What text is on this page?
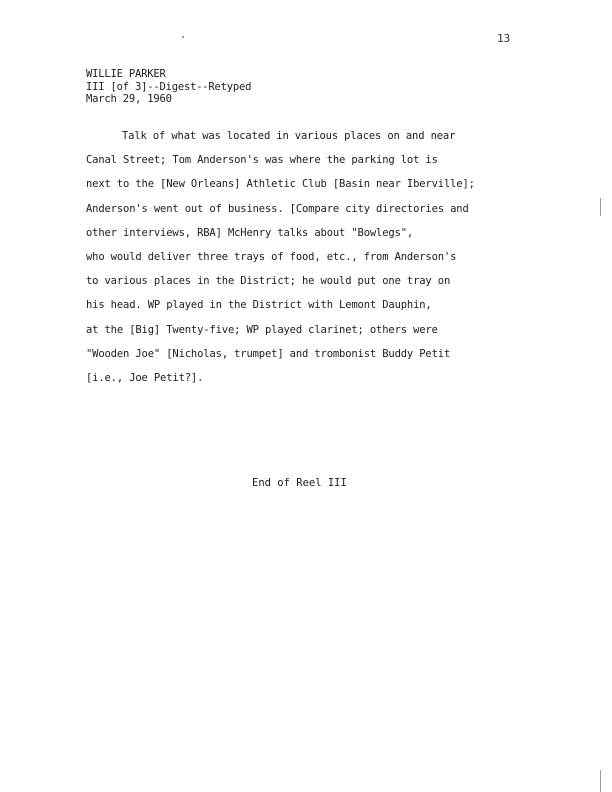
13
WILLIE PARKER
III [of 3]--Digest--Retyped
March 29, 1960
Talk of what was located in various places on and near
Canal Street; Tom Anderson's was where the parking lot is
next to the [New Orleans] Athletic Club [Basin near Iberville];
Anderson's went out of business. [Compare city directories and
other interviews, RBA] McHenry talks about "Bowlegs",
who would deliver three trays of food, etc., from Anderson's
to various places in the District; he would put one tray on
his head. WP played in the District with Lemont Dauphin,
at the [Big] Twenty-five; WP played clarinet; others were
"Wooden Joe" [Nicholas, trumpet] and trombonist Buddy Petit
[i.e., Joe Petit?].
End of Reel III
